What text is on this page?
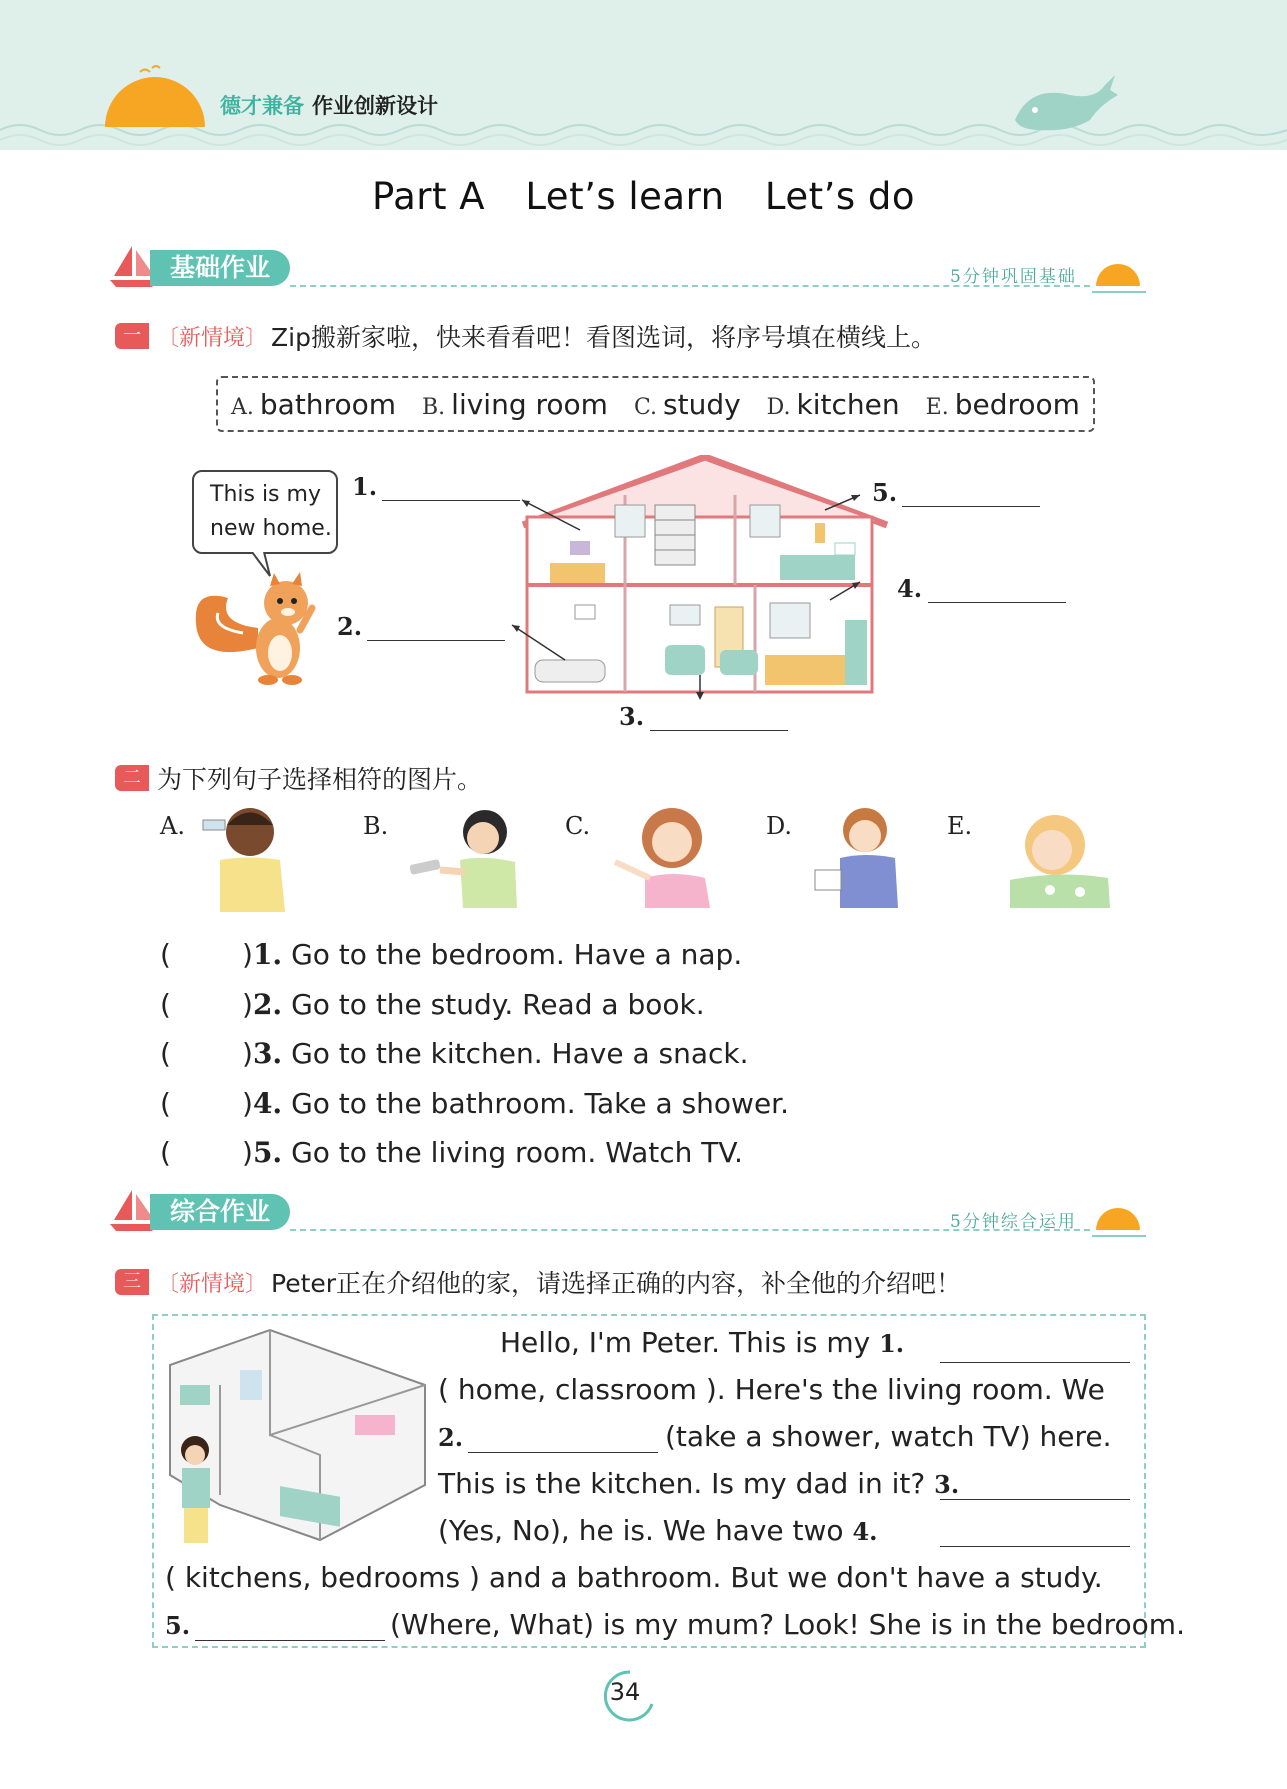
德才兼备 作业创新设计
Part A Let’s learn Let’s do
基础作业	5分钟巩固基础
一 〔新情境〕 Zip搬新家啦，快来看看吧！看图选词，将序号填在横线上。
A. bathroom B. living room C. study D. kitchen E. bedroom
This is my
new home.
1.
2.
3.
4.
5.
二 为下列句子选择相符的图片。
A.	B.	C.	D.	E.
(	)1. Go to the bedroom. Have a nap.
(	)2. Go to the study. Read a book.
(	)3. Go to the kitchen. Have a snack.
(	)4. Go to the bathroom. Take a shower.
(	)5. Go to the living room. Watch TV.
综合作业	5分钟综合运用
三 〔新情境〕 Peter正在介绍他的家，请选择正确的内容，补全他的介绍吧！
Hello, I'm Peter. This is my 1.
( home, classroom ). Here's the living room. We
2.	(take a shower, watch TV) here.
This is the kitchen. Is my dad in it? 3.
(Yes, No), he is. We have two 4.
( kitchens, bedrooms ) and a bathroom. But we don't have a study.
5.	(Where, What) is my mum? Look! She is in the bedroom.
34
